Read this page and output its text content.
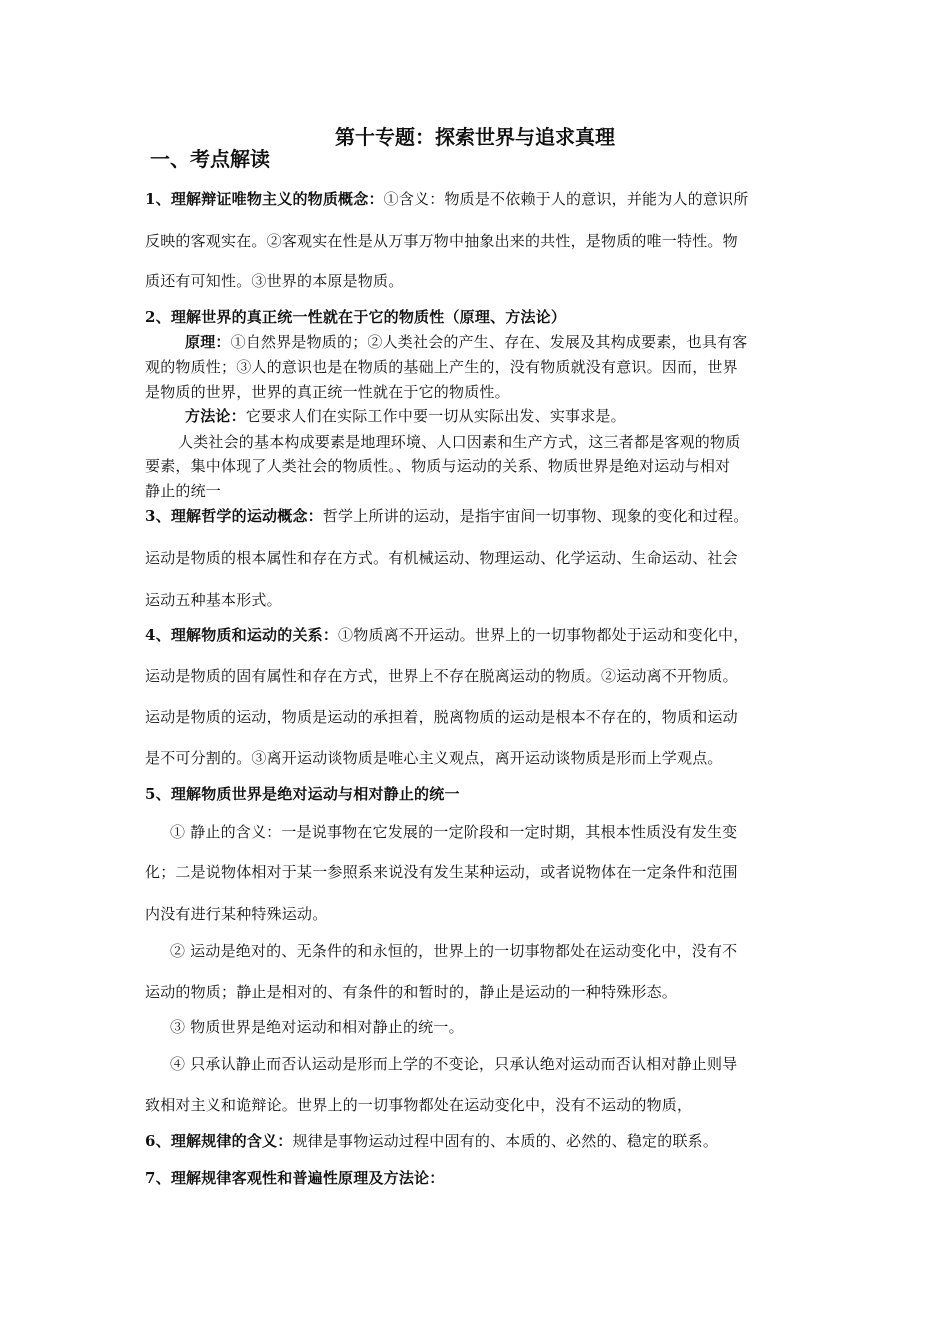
第十专题：探索世界与追求真理
一、考点解读
1、理解辩证唯物主义的物质概念：①含义：物质是不依赖于人的意识，并能为人的意识所
反映的客观实在。②客观实在性是从万事万物中抽象出来的共性，是物质的唯一特性。物
质还有可知性。③世界的本原是物质。
2、理解世界的真正统一性就在于它的物质性（原理、方法论）
原理：①自然界是物质的；②人类社会的产生、存在、发展及其构成要素，也具有客
观的物质性；③人的意识也是在物质的基础上产生的，没有物质就没有意识。因而，世界
是物质的世界，世界的真正统一性就在于它的物质性。
方法论：它要求人们在实际工作中要一切从实际出发、实事求是。
人类社会的基本构成要素是地理环境、人口因素和生产方式，这三者都是客观的物质
要素，集中体现了人类社会的物质性。、物质与运动的关系、物质世界是绝对运动与相对
静止的统一
3、理解哲学的运动概念：哲学上所讲的运动，是指宇宙间一切事物、现象的变化和过程。
运动是物质的根本属性和存在方式。有机械运动、物理运动、化学运动、生命运动、社会
运动五种基本形式。
4、理解物质和运动的关系：①物质离不开运动。世界上的一切事物都处于运动和变化中，
运动是物质的固有属性和存在方式，世界上不存在脱离运动的物质。②运动离不开物质。
运动是物质的运动，物质是运动的承担着，脱离物质的运动是根本不存在的，物质和运动
是不可分割的。③离开运动谈物质是唯心主义观点，离开运动谈物质是形而上学观点。
5、理解物质世界是绝对运动与相对静止的统一
① 静止的含义：一是说事物在它发展的一定阶段和一定时期，其根本性质没有发生变
化；二是说物体相对于某一参照系来说没有发生某种运动，或者说物体在一定条件和范围
内没有进行某种特殊运动。
② 运动是绝对的、无条件的和永恒的，世界上的一切事物都处在运动变化中，没有不
运动的物质；静止是相对的、有条件的和暂时的，静止是运动的一种特殊形态。
③ 物质世界是绝对运动和相对静止的统一。
④ 只承认静止而否认运动是形而上学的不变论，只承认绝对运动而否认相对静止则导
致相对主义和诡辩论。世界上的一切事物都处在运动变化中，没有不运动的物质，
6、理解规律的含义：规律是事物运动过程中固有的、本质的、必然的、稳定的联系。
7、理解规律客观性和普遍性原理及方法论：
